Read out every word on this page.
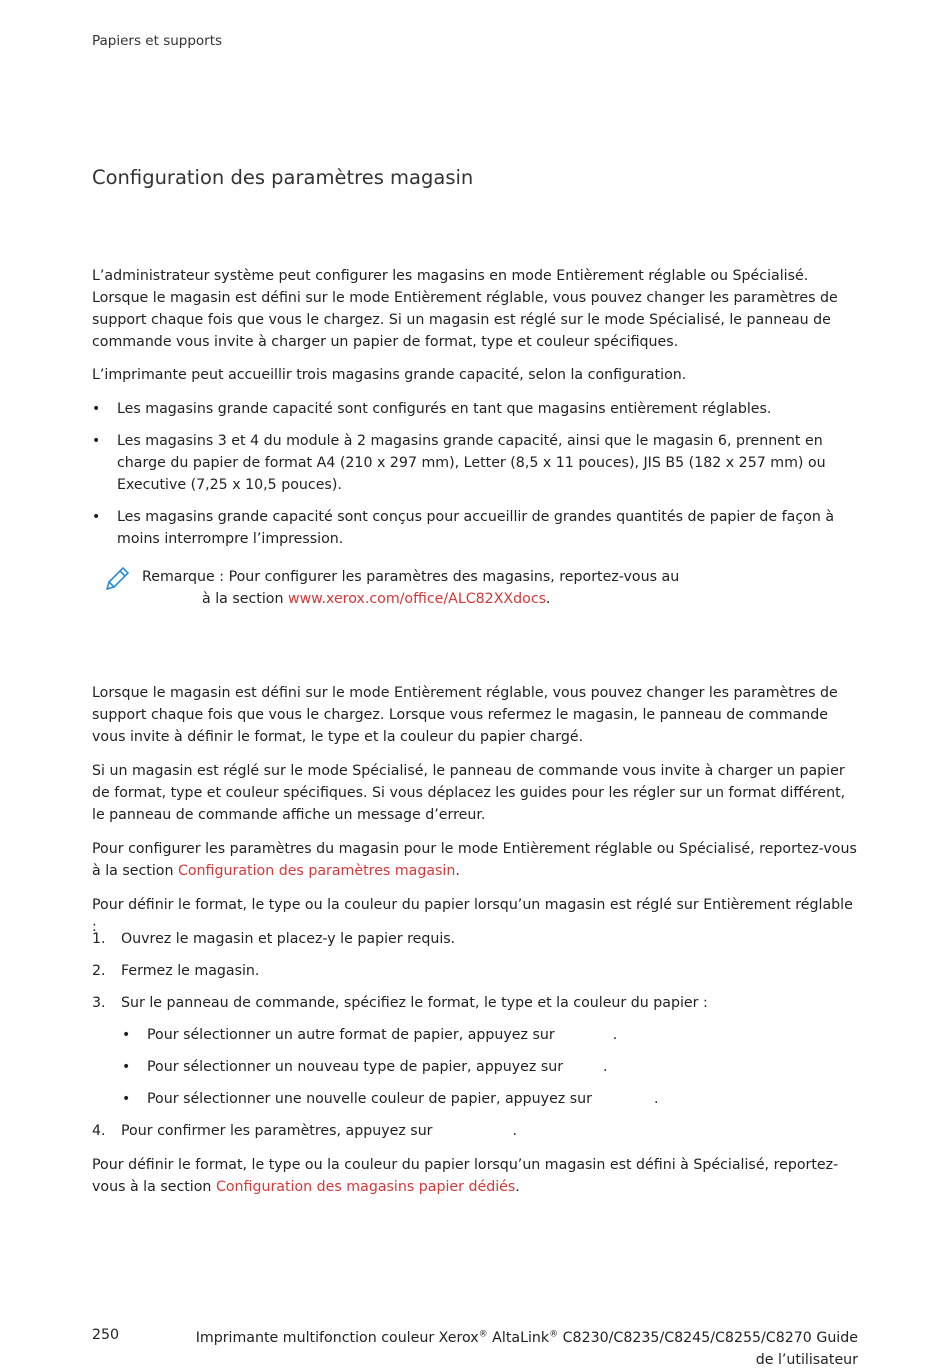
Papiers et supports
Configuration des paramètres magasin
L’administrateur système peut configurer les magasins en mode Entièrement réglable ou Spécialisé. Lorsque le magasin est défini sur le mode Entièrement réglable, vous pouvez changer les paramètres de support chaque fois que vous le chargez. Si un magasin est réglé sur le mode Spécialisé, le panneau de commande vous invite à charger un papier de format, type et couleur spécifiques.
L’imprimante peut accueillir trois magasins grande capacité, selon la configuration.
• Les magasins grande capacité sont configurés en tant que magasins entièrement réglables.
• Les magasins 3 et 4 du module à 2 magasins grande capacité, ainsi que le magasin 6, prennent en charge du papier de format A4 (210 x 297 mm), Letter (8,5 x 11 pouces), JIS B5 (182 x 257 mm) ou Executive (7,25 x 10,5 pouces).
• Les magasins grande capacité sont conçus pour accueillir de grandes quantités de papier de façon à moins interrompre l’impression.
Remarque : Pour configurer les paramètres des magasins, reportez-vous au
à la section www.xerox.com/office/ALC82XXdocs.
Lorsque le magasin est défini sur le mode Entièrement réglable, vous pouvez changer les paramètres de support chaque fois que vous le chargez. Lorsque vous refermez le magasin, le panneau de commande vous invite à définir le format, le type et la couleur du papier chargé.
Si un magasin est réglé sur le mode Spécialisé, le panneau de commande vous invite à charger un papier de format, type et couleur spécifiques. Si vous déplacez les guides pour les régler sur un format différent, le panneau de commande affiche un message d’erreur.
Pour configurer les paramètres du magasin pour le mode Entièrement réglable ou Spécialisé, reportez-vous à la section Configuration des paramètres magasin.
Pour définir le format, le type ou la couleur du papier lorsqu’un magasin est réglé sur Entièrement réglable :
1. Ouvrez le magasin et placez-y le papier requis.
2. Fermez le magasin.
3. Sur le panneau de commande, spécifiez le format, le type et la couleur du papier :
• Pour sélectionner un autre format de papier, appuyez sur	.
• Pour sélectionner un nouveau type de papier, appuyez sur	.
• Pour sélectionner une nouvelle couleur de papier, appuyez sur	.
4. Pour confirmer les paramètres, appuyez sur	.
Pour définir le format, le type ou la couleur du papier lorsqu’un magasin est défini à Spécialisé, reportez-vous à la section Configuration des magasins papier dédiés.
250	Imprimante multifonction couleur Xerox® AltaLink® C8230/C8235/C8245/C8255/C8270 Guide de l’utilisateur
